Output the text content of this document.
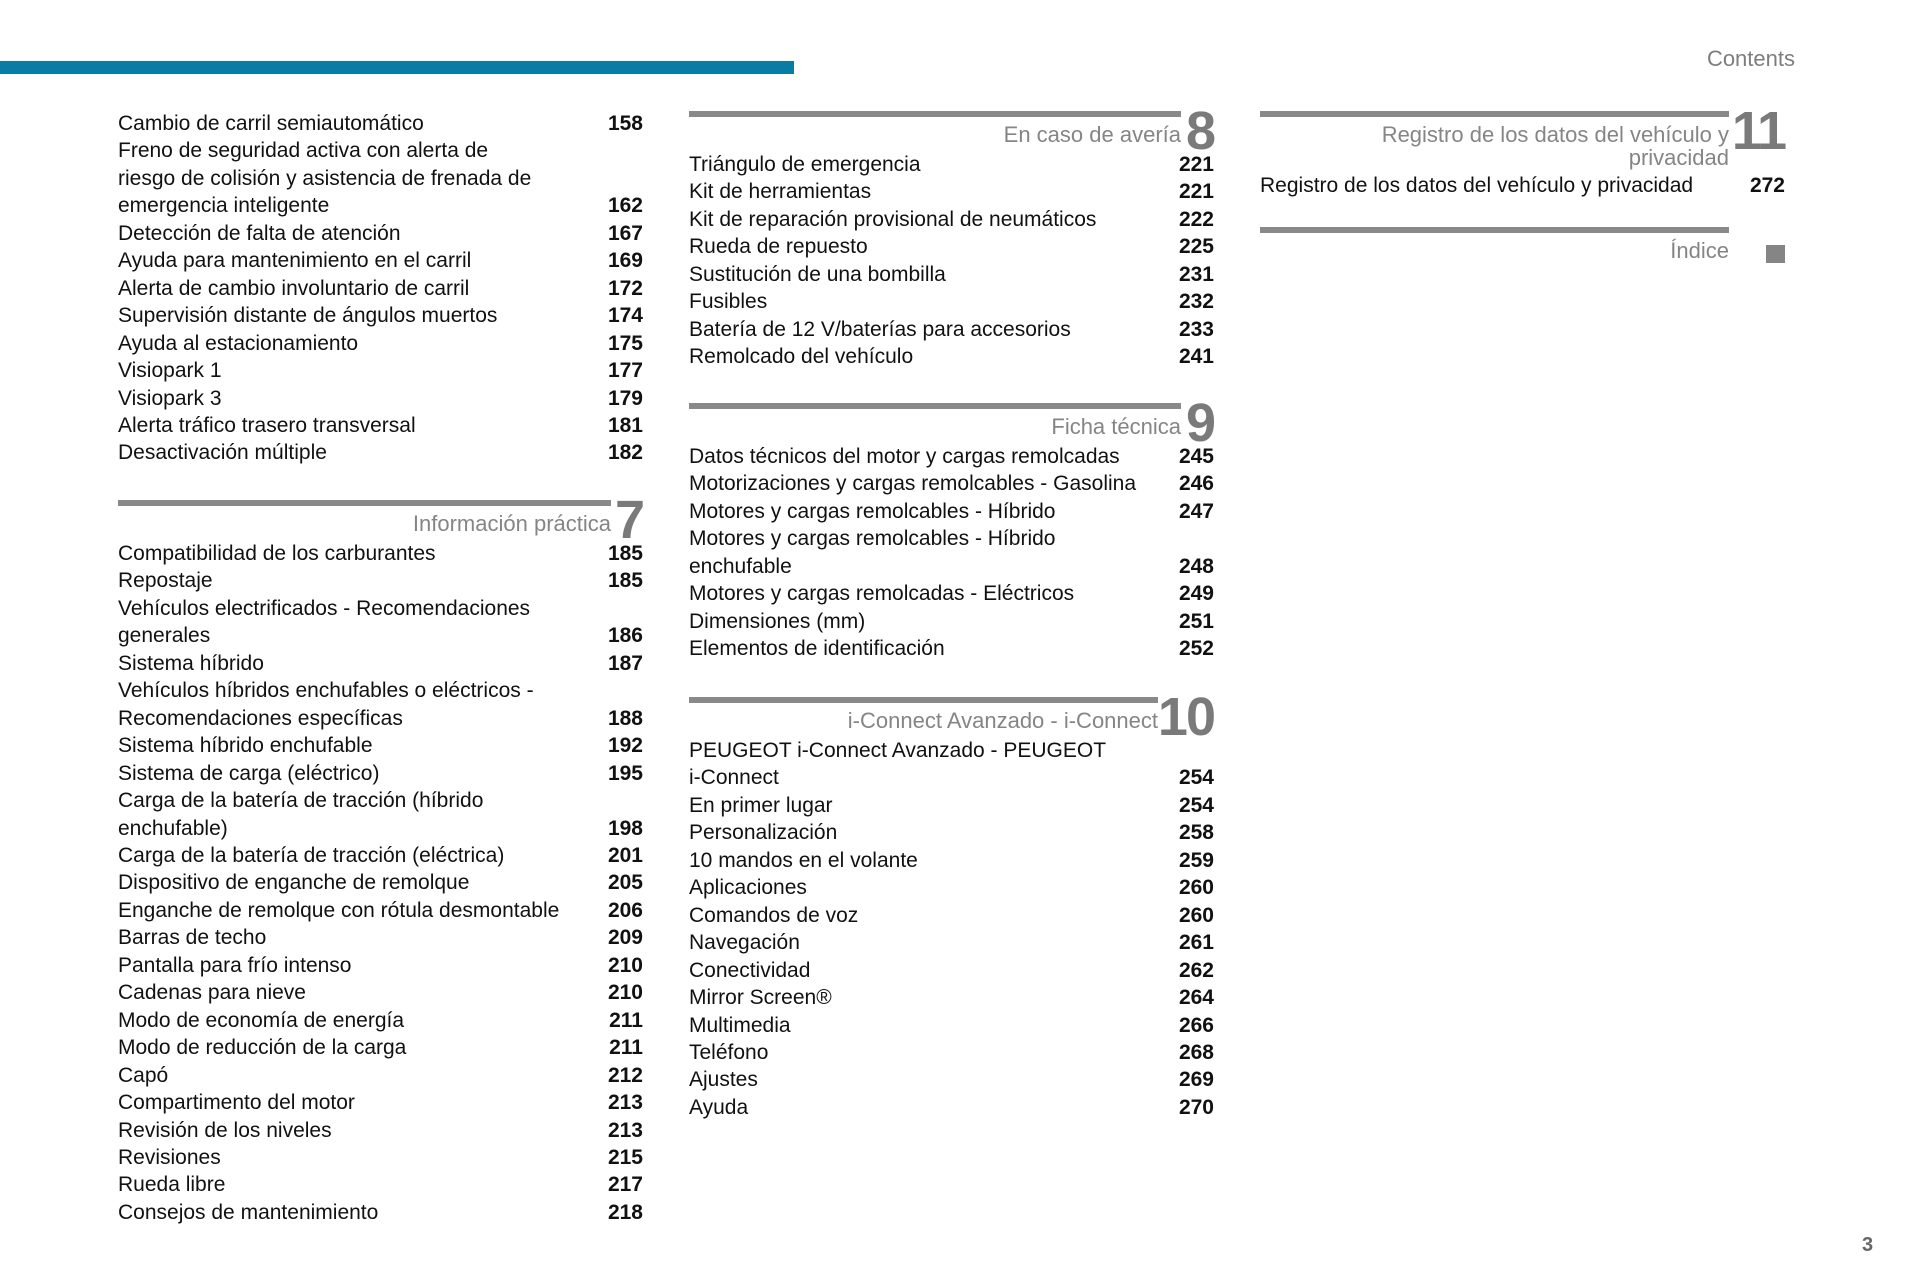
Contents
3
Cambio de carril semiautomático	158
Freno de seguridad activa con alerta de
riesgo de colisión y asistencia de frenada de
emergencia inteligente	162
Detección de falta de atención	167
Ayuda para mantenimiento en el carril	169
Alerta de cambio involuntario de carril	172
Supervisión distante de ángulos muertos	174
Ayuda al estacionamiento	175
Visiopark 1	177
Visiopark 3	179
Alerta tráfico trasero transversal	181
Desactivación múltiple	182
Información práctica 7
Compatibilidad de los carburantes	185
Repostaje	185
Vehículos electrificados - Recomendaciones
generales	186
Sistema híbrido	187
Vehículos híbridos enchufables o eléctricos -
Recomendaciones específicas	188
Sistema híbrido enchufable	192
Sistema de carga (eléctrico)	195
Carga de la batería de tracción (híbrido
enchufable)	198
Carga de la batería de tracción (eléctrica)	201
Dispositivo de enganche de remolque	205
Enganche de remolque con rótula desmontable 206
Barras de techo	209
Pantalla para frío intenso	210
Cadenas para nieve	210
Modo de economía de energía	211
Modo de reducción de la carga	211
Capó	212
Compartimento del motor	213
Revisión de los niveles	213
Revisiones	215
Rueda libre	217
Consejos de mantenimiento	218
En caso de avería 8
Triángulo de emergencia	221
Kit de herramientas	221
Kit de reparación provisional de neumáticos	222
Rueda de repuesto	225
Sustitución de una bombilla	231
Fusibles	232
Batería de 12 V/baterías para accesorios	233
Remolcado del vehículo	241
Ficha técnica 9
Datos técnicos del motor y cargas remolcadas	245
Motorizaciones y cargas remolcables - Gasolina 246
Motores y cargas remolcables - Híbrido	247
Motores y cargas remolcables - Híbrido
enchufable	248
Motores y cargas remolcadas - Eléctricos	249
Dimensiones (mm)	251
Elementos de identificación	252
i-Connect Avanzado - i-Connect 10
PEUGEOT i-Connect Avanzado - PEUGEOT
i-Connect	254
En primer lugar	254
Personalización	258
10 mandos en el volante	259
Aplicaciones	260
Comandos de voz	260
Navegación	261
Conectividad	262
Mirror Screen®	264
Multimedia	266
Teléfono	268
Ajustes	269
Ayuda	270
Registro de los datos del vehículo y
privacidad 11
Registro de los datos del vehículo y privacidad	272
Índice
